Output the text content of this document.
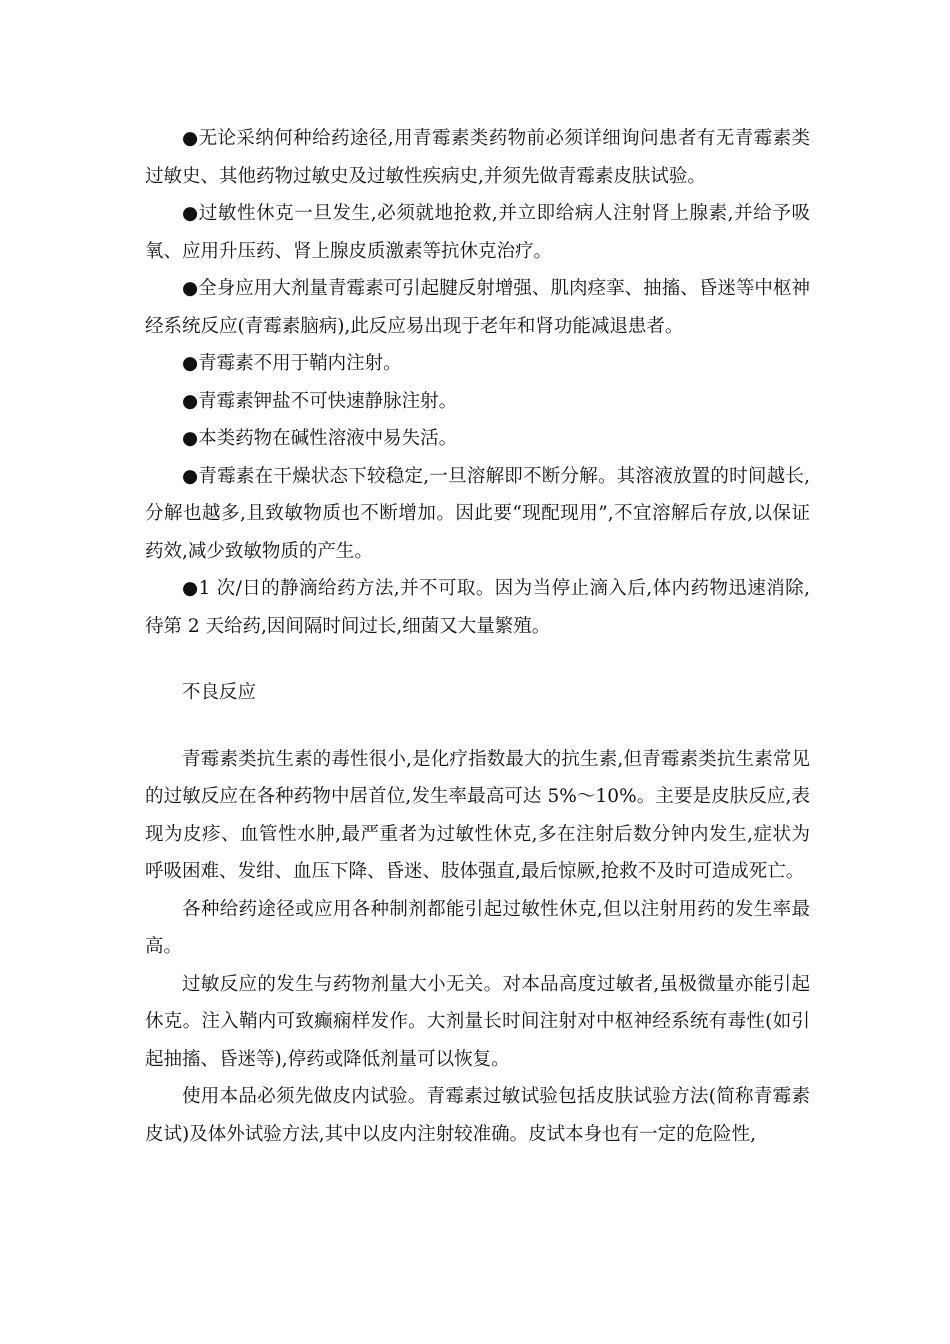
●无论采纳何种给药途径,用青霉素类药物前必须详细询问患者有无青霉素类过敏史、其他药物过敏史及过敏性疾病史,并须先做青霉素皮肤试验。

●过敏性休克一旦发生,必须就地抢救,并立即给病人注射肾上腺素,并给予吸氧、应用升压药、肾上腺皮质激素等抗休克治疗。

●全身应用大剂量青霉素可引起腱反射增强、肌肉痉挛、抽搐、昏迷等中枢神经系统反应(青霉素脑病),此反应易出现于老年和肾功能减退患者。

●青霉素不用于鞘内注射。

●青霉素钾盐不可快速静脉注射。

●本类药物在碱性溶液中易失活。

●青霉素在干燥状态下较稳定,一旦溶解即不断分解。其溶液放置的时间越长,分解也越多,且致敏物质也不断增加。因此要“现配现用”,不宜溶解后存放,以保证药效,减少致敏物质的产生。

●1 次/日的静滴给药方法,并不可取。因为当停止滴入后,体内药物迅速消除,待第 2 天给药,因间隔时间过长,细菌又大量繁殖。

不良反应

青霉素类抗生素的毒性很小,是化疗指数最大的抗生素,但青霉素类抗生素常见的过敏反应在各种药物中居首位,发生率最高可达 5%～10%。主要是皮肤反应,表现为皮疹、血管性水肿,最严重者为过敏性休克,多在注射后数分钟内发生,症状为呼吸困难、发绀、血压下降、昏迷、肢体强直,最后惊厥,抢救不及时可造成死亡。

各种给药途径或应用各种制剂都能引起过敏性休克,但以注射用药的发生率最高。

过敏反应的发生与药物剂量大小无关。对本品高度过敏者,虽极微量亦能引起休克。注入鞘内可致癫痫样发作。大剂量长时间注射对中枢神经系统有毒性(如引起抽搐、昏迷等),停药或降低剂量可以恢复。

使用本品必须先做皮内试验。青霉素过敏试验包括皮肤试验方法(简称青霉素皮试)及体外试验方法,其中以皮内注射较准确。皮试本身也有一定的危险性,
